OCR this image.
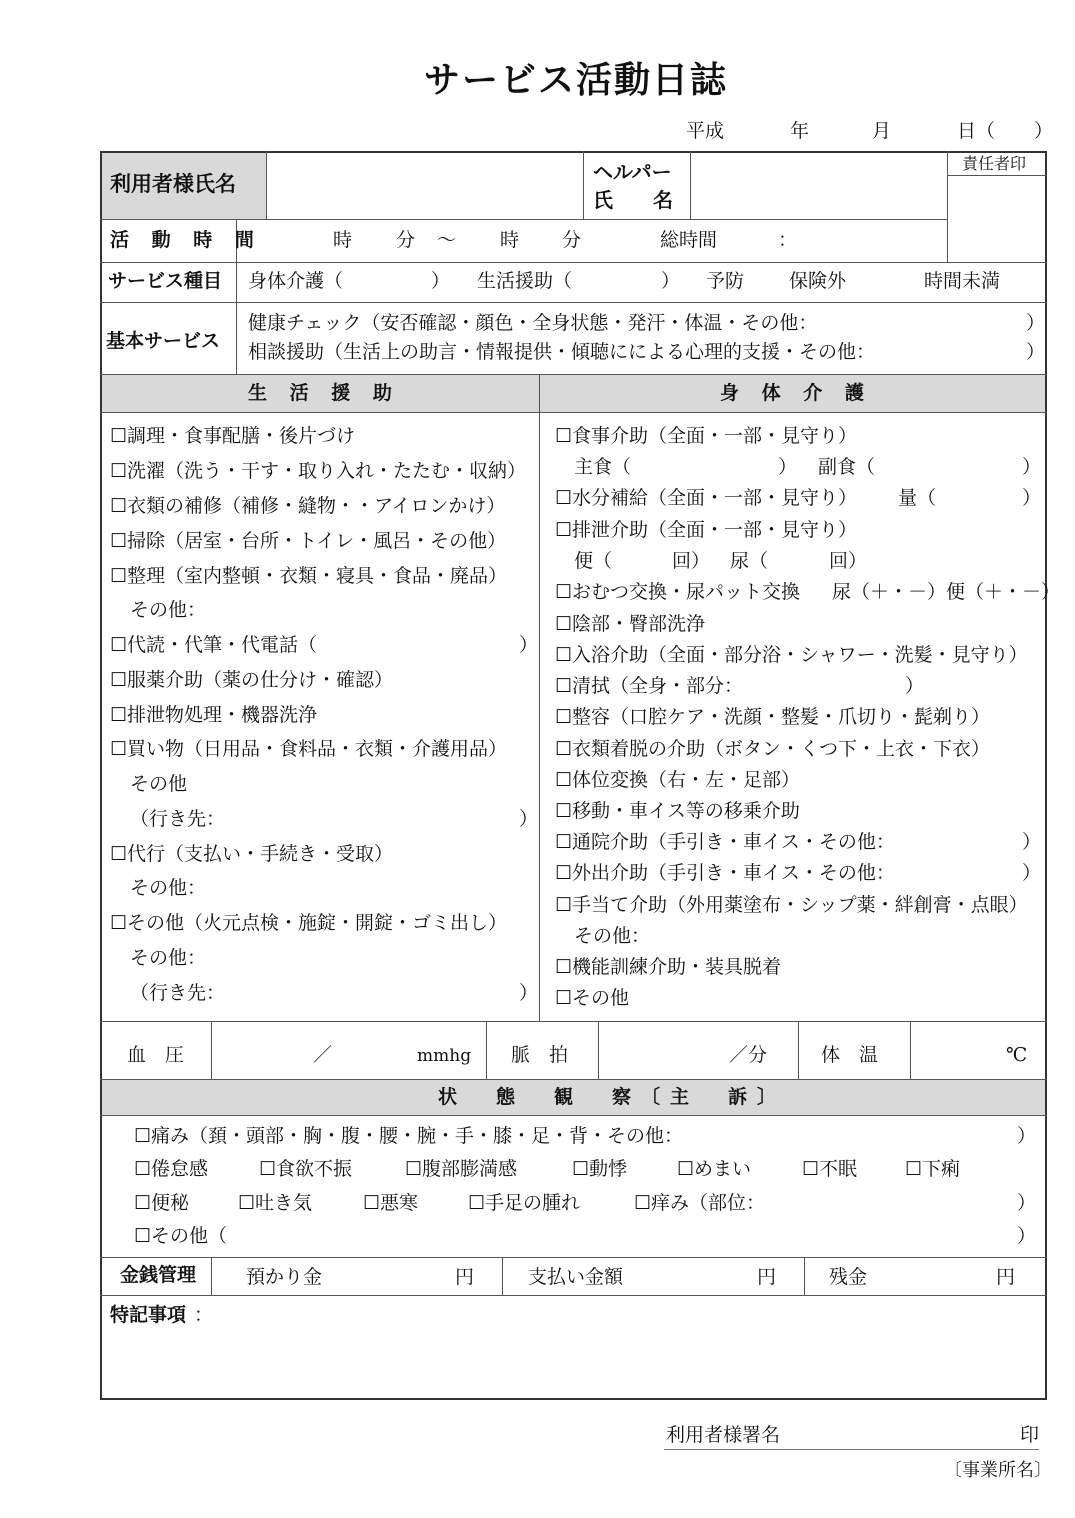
サービス活動日誌
平成	年	月	日（ ）
利用者様氏名	ヘルパー
氏　　名
責任者印
活 動 時 間	時 分 〜 時 分	総時間	：
サービス種目 身体介護（	） 生活援助（	） 予防 保険外	時間未満
基本サービス
健康チェック（安否確認・顔色・全身状態・発汗・体温・その他：	）
相談援助（生活上の助言・情報提供・傾聴にによる心理的支援・その他：	）
生 活 援 助	身 体 介 護
☐調理・食事配膳・後片づけ
☐洗濯（洗う・干す・取り入れ・たたむ・収納）
☐衣類の補修（補修・縫物・・アイロンかけ）
☐掃除（居室・台所・トイレ・風呂・その他）
☐整理（室内整頓・衣類・寝具・食品・廃品）
その他：
☐代読・代筆・代電話（	）
☐服薬介助（薬の仕分け・確認）
☐排泄物処理・機器洗浄
☐買い物（日用品・食料品・衣類・介護用品）
その他
（行き先：	）
☐代行（支払い・手続き・受取）
その他：
☐その他（火元点検・施錠・開錠・ゴミ出し）
その他：
（行き先：	）
☐食事介助（全面・一部・見守り）
主食（	） 副食（	）
☐水分補給（全面・一部・見守り） 量（	）
☐排泄介助（全面・一部・見守り）
便（	回） 尿（	回）
☐おむつ交換・尿パット交換 尿（＋・－）便（＋・－）
☐陰部・臀部洗浄
☐入浴介助（全面・部分浴・シャワー・洗髪・見守り）
☐清拭（全身・部分：	）
☐整容（口腔ケア・洗顔・整髪・爪切り・髭剃り）
☐衣類着脱の介助（ボタン・くつ下・上衣・下衣）
☐体位変換（右・左・足部）
☐移動・車イス等の移乗介助
☐通院介助（手引き・車イス・その他：	）
☐外出介助（手引き・車イス・その他：	）
☐手当て介助（外用薬塗布・シップ薬・絆創膏・点眼）
その他：
☐機能訓練介助・装具脱着
☐その他
血　圧	／	mmhg 脈　拍	／分	体　温	℃
状　態　観　察〔主　訴〕
☐痛み（頚・頭部・胸・腹・腰・腕・手・膝・足・背・その他：	）
☐倦怠感	☐食欲不振	☐腹部膨満感	☐動悸	☐めまい	☐不眠	☐下痢
☐便秘	☐吐き気	☐悪寒	☐手足の腫れ	☐痒み（部位：	）
☐その他（	）
金銭管理	預かり金	円	支払い金額	円	残金	円
特記事項 ：
利用者様署名	印
〔事業所名〕
